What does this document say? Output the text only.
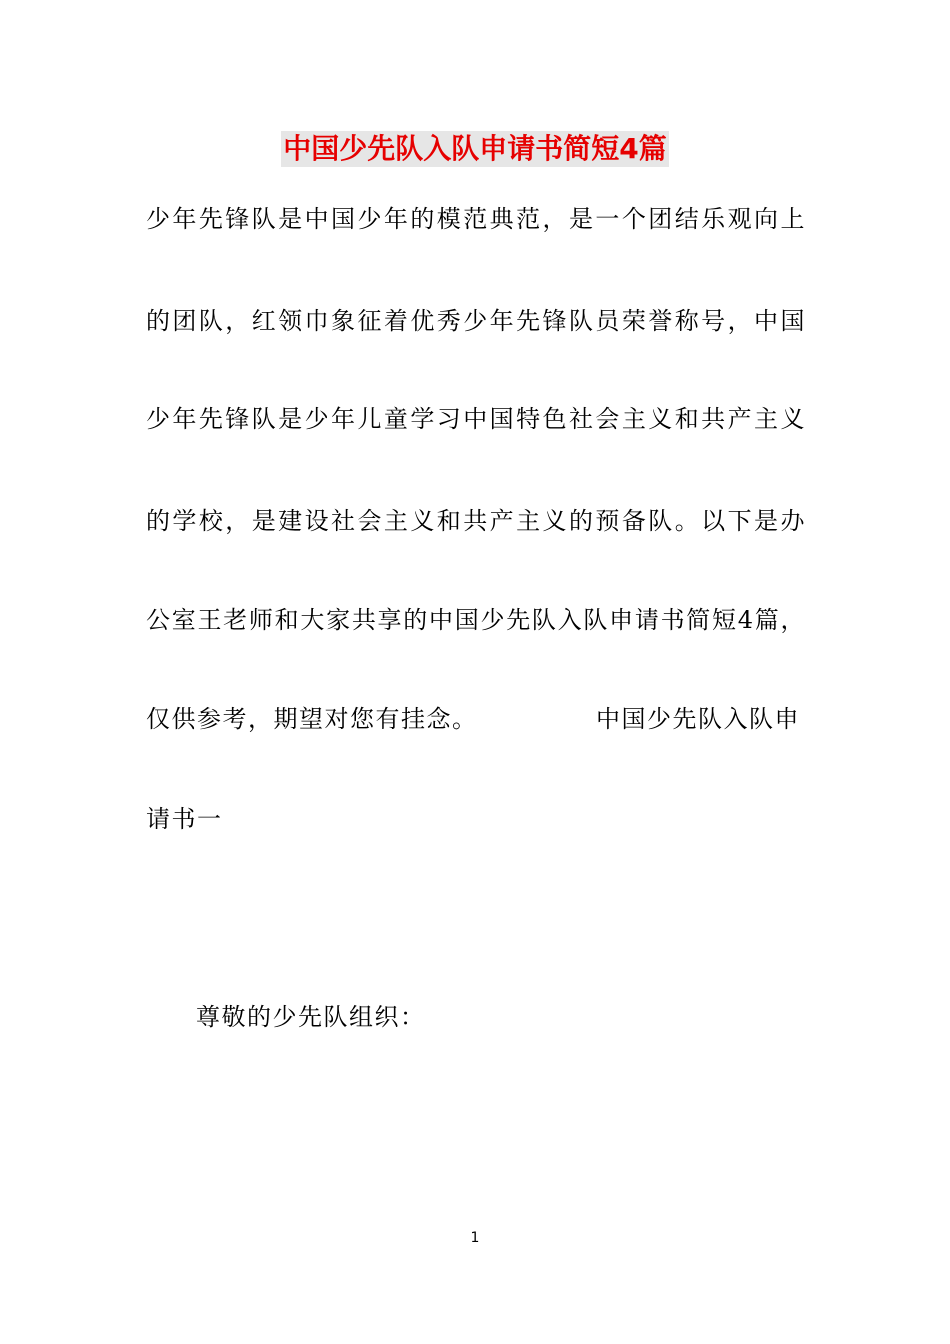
中国少先队入队申请书简短4篇
少年先锋队是中国少年的模范典范，是一个团结乐观向上
的团队，红领巾象征着优秀少年先锋队员荣誉称号，中国
少年先锋队是少年儿童学习中国特色社会主义和共产主义
的学校，是建设社会主义和共产主义的预备队。以下是办
公室王老师和大家共享的中国少先队入队申请书简短4篇，
仅供参考，期望对您有挂念。	中国少先队入队申
请书一
尊敬的少先队组织：
1
